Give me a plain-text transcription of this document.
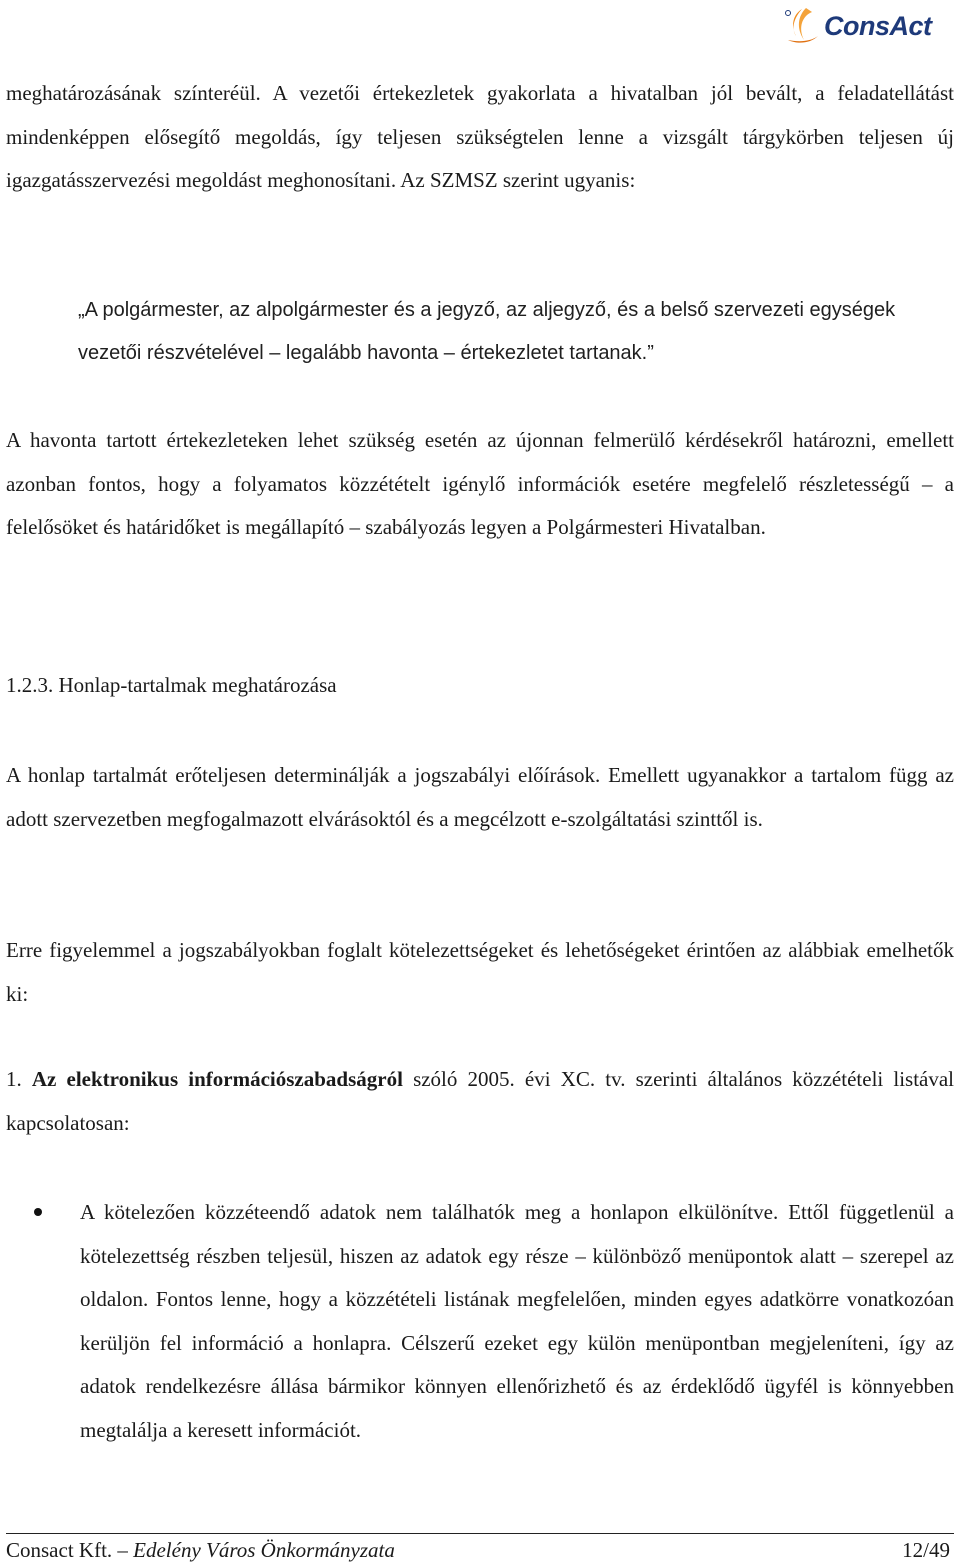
ConsAct
meghatározásának színteréül. A vezetői értekezletek gyakorlata a hivatalban jól bevált, a feladatellátást mindenképpen elősegítő megoldás, így teljesen szükségtelen lenne a vizsgált tárgykörben teljesen új igazgatásszervezési megoldást meghonosítani. Az SZMSZ szerint ugyanis:
„A polgármester, az alpolgármester és a jegyző, az aljegyző, és a belső szervezeti egységek vezetői részvételével – legalább havonta – értekezletet tartanak.”
A havonta tartott értekezleteken lehet szükség esetén az újonnan felmerülő kérdésekről határozni, emellett azonban fontos, hogy a folyamatos közzétételt igénylő információk esetére megfelelő részletességű – a felelősöket és határidőket is megállapító – szabályozás legyen a Polgármesteri Hivatalban.
1.2.3. Honlap-tartalmak meghatározása
A honlap tartalmát erőteljesen determinálják a jogszabályi előírások. Emellett ugyanakkor a tartalom függ az adott szervezetben megfogalmazott elvárásoktól és a megcélzott e-szolgáltatási szinttől is.
Erre figyelemmel a jogszabályokban foglalt kötelezettségeket és lehetőségeket érintően az alábbiak emelhetők ki:
1. Az elektronikus információszabadságról szóló 2005. évi XC. tv. szerinti általános közzétételi listával kapcsolatosan:
A kötelezően közzéteendő adatok nem találhatók meg a honlapon elkülönítve. Ettől függetlenül a kötelezettség részben teljesül, hiszen az adatok egy része – különböző menüpontok alatt – szerepel az oldalon. Fontos lenne, hogy a közzétételi listának megfelelően, minden egyes adatkörre vonatkozóan kerüljön fel információ a honlapra. Célszerű ezeket egy külön menüpontban megjeleníteni, így az adatok rendelkezésre állása bármikor könnyen ellenőrizhető és az érdeklődő ügyfél is könnyebben megtalálja a keresett információt.
Consact Kft. – Edelény Város Önkormányzata	12/49
